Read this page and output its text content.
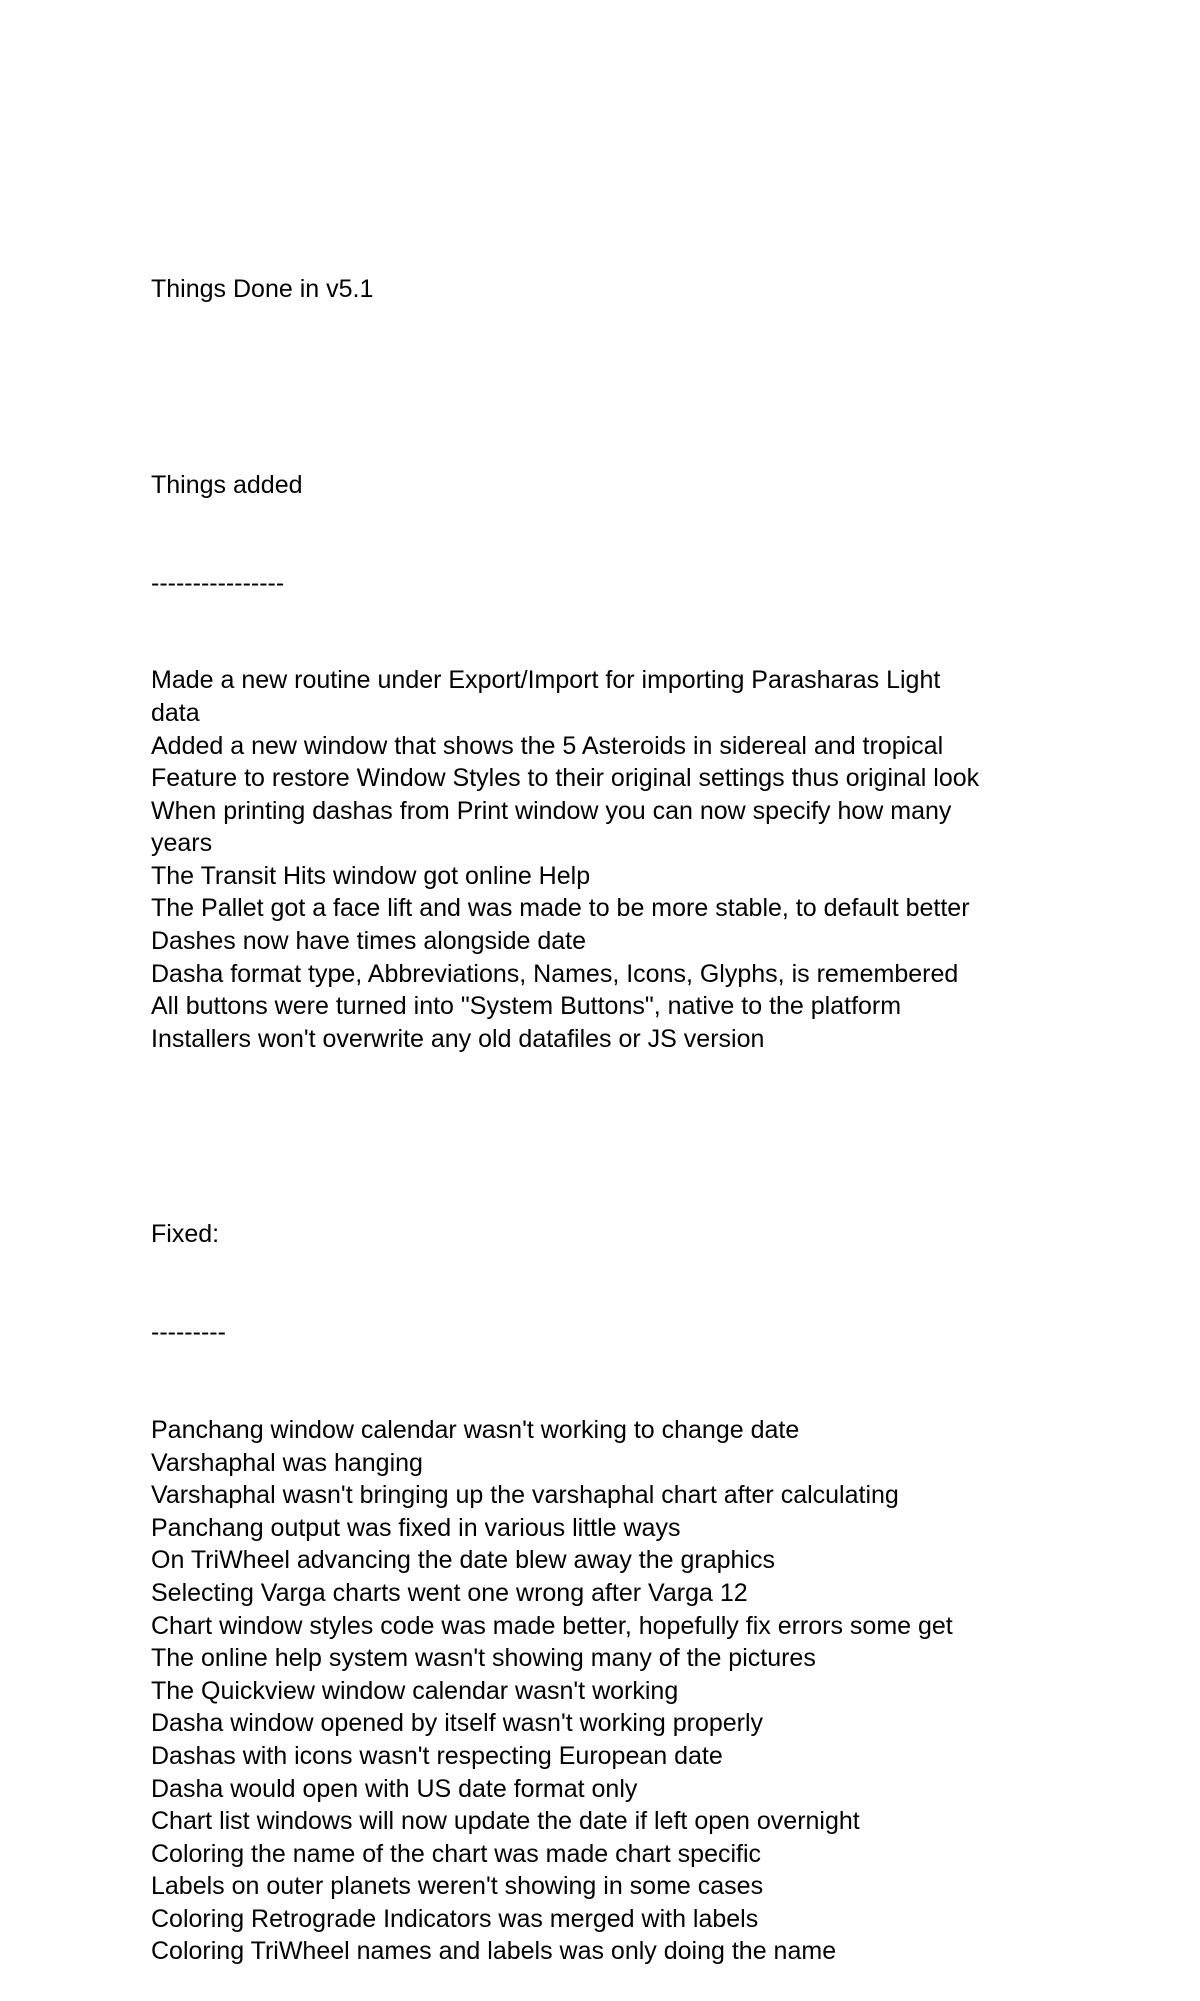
Things Done in v5.1

Things added

----------------

Made a new routine under Export/Import for importing Parasharas Light
data
Added a new window that shows the 5 Asteroids in sidereal and tropical
Feature to restore Window Styles to their original settings thus original look
When printing dashas from Print window you can now specify how many
years
The Transit Hits window got online Help
The Pallet got a face lift and was made to be more stable, to default better
Dashes now have times alongside date
Dasha format type, Abbreviations, Names, Icons, Glyphs, is remembered
All buttons were turned into "System Buttons", native to the platform
Installers won't overwrite any old datafiles or JS version

Fixed:

---------

Panchang window calendar wasn't working to change date
Varshaphal was hanging
Varshaphal wasn't bringing up the varshaphal chart after calculating
Panchang output was fixed in various little ways
On TriWheel advancing the date blew away the graphics
Selecting Varga charts went one wrong after Varga 12
Chart window styles code was made better, hopefully fix errors some get
The online help system wasn't showing many of the pictures
The Quickview window calendar wasn't working
Dasha window opened by itself wasn't working properly
Dashas with icons wasn't respecting European date
Dasha would open with US date format only
Chart list windows will now update the date if left open overnight
Coloring the name of the chart was made chart specific
Labels on outer planets weren't showing in some cases
Coloring Retrograde Indicators was merged with labels
Coloring TriWheel names and labels was only doing the name
